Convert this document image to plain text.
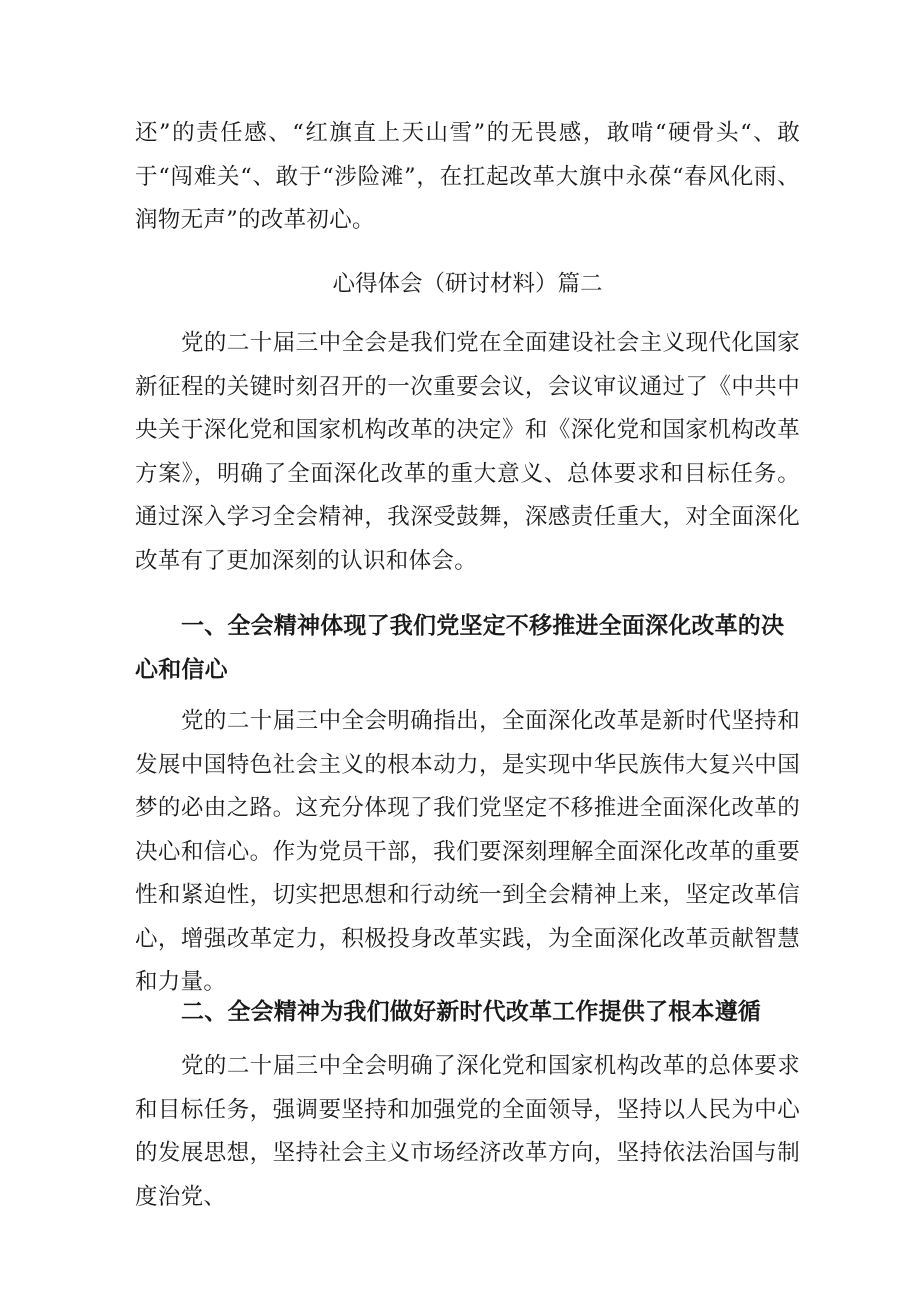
还”的责任感、“红旗直上天山雪”的无畏感，敢啃“硬骨头“、敢于“闯难关“、敢于“涉险滩”，在扛起改革大旗中永葆“春风化雨、润物无声”的改革初心。

心得体会（研讨材料）篇二

党的二十届三中全会是我们党在全面建设社会主义现代化国家新征程的关键时刻召开的一次重要会议，会议审议通过了《中共中央关于深化党和国家机构改革的决定》和《深化党和国家机构改革方案》，明确了全面深化改革的重大意义、总体要求和目标任务。通过深入学习全会精神，我深受鼓舞，深感责任重大，对全面深化改革有了更加深刻的认识和体会。

一、全会精神体现了我们党坚定不移推进全面深化改革的决心和信心

党的二十届三中全会明确指出，全面深化改革是新时代坚持和发展中国特色社会主义的根本动力，是实现中华民族伟大复兴中国梦的必由之路。这充分体现了我们党坚定不移推进全面深化改革的决心和信心。作为党员干部，我们要深刻理解全面深化改革的重要性和紧迫性，切实把思想和行动统一到全会精神上来，坚定改革信心，增强改革定力，积极投身改革实践，为全面深化改革贡献智慧和力量。

二、全会精神为我们做好新时代改革工作提供了根本遵循

党的二十届三中全会明确了深化党和国家机构改革的总体要求和目标任务，强调要坚持和加强党的全面领导，坚持以人民为中心的发展思想，坚持社会主义市场经济改革方向，坚持依法治国与制度治党、
